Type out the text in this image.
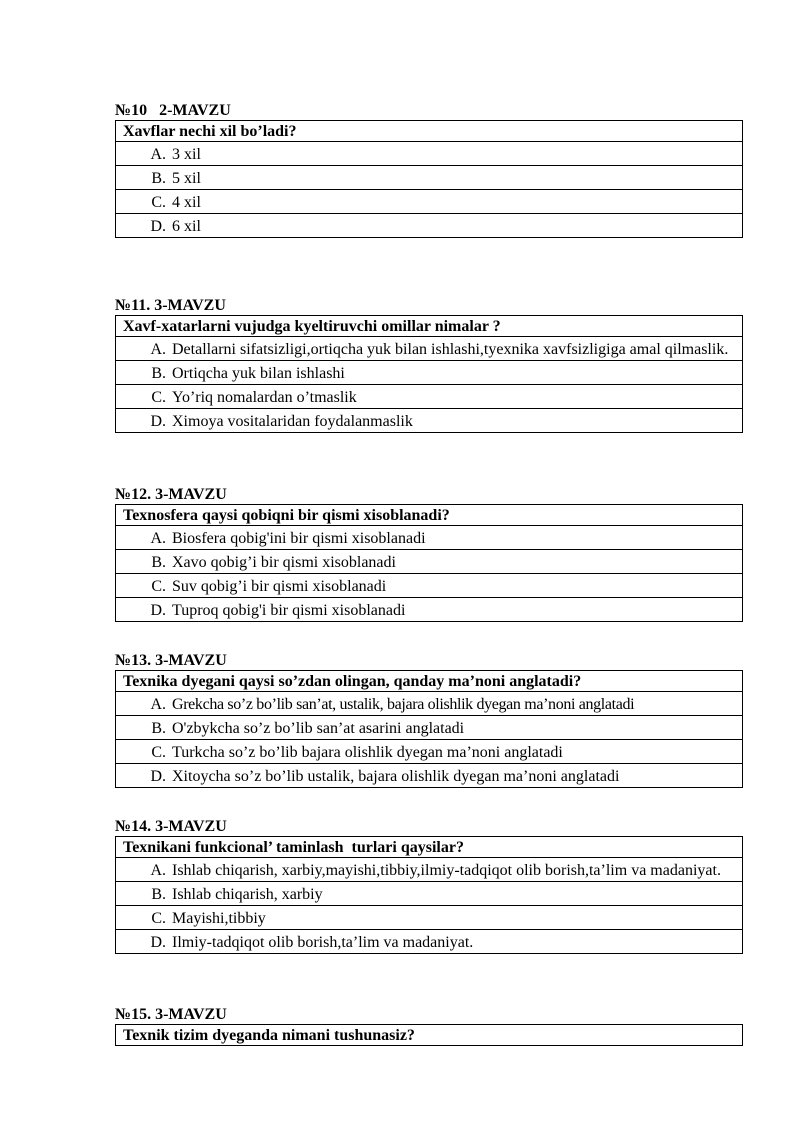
№10   2-MAVZU
Xavflar nechi xil bo’ladi?

A. 3 xil

B. 5 xil

C. 4 xil

D. 6 xil
№11. 3-MAVZU
Xavf-xatarlarni vujudga kyeltiruvchi omillar nimalar ?

A. Detallarni sifatsizligi,ortiqcha yuk bilan ishlashi,tyexnika xavfsizligiga amal qilmaslik.

B. Ortiqcha yuk bilan ishlashi

C. Yo’riq nomalardan o’tmaslik

D. Ximoya vositalaridan foydalanmaslik
№12. 3-MAVZU
Texnosfera qaysi qobiqni bir qismi xisoblanadi?

A. Biosfera qobig'ini bir qismi xisoblanadi

B. Xavo qobig’i bir qismi xisoblanadi

C. Suv qobig’i bir qismi xisoblanadi

D. Tuproq qobig'i bir qismi xisoblanadi
№13. 3-MAVZU
Texnika dyegani qaysi so’zdan olingan, qanday ma’noni anglatadi?

A. Grekcha so’z bo’lib san’at, ustalik, bajara olishlik dyegan ma’noni anglatadi

B. O'zbykcha so’z bo’lib san’at asarini anglatadi

C. Turkcha so’z bo’lib bajara olishlik dyegan ma’noni anglatadi

D. Xitoycha so’z bo’lib ustalik, bajara olishlik dyegan ma’noni anglatadi
№14. 3-MAVZU
Texnikani funkcional’ taminlash  turlari qaysilar?

A. Ishlab chiqarish, xarbiy,mayishi,tibbiy,ilmiy-tadqiqot olib borish,ta’lim va madaniyat.

B. Ishlab chiqarish, xarbiy

C. Mayishi,tibbiy

D. Ilmiy-tadqiqot olib borish,ta’lim va madaniyat.
№15. 3-MAVZU
Texnik tizim dyeganda nimani tushunasiz?
